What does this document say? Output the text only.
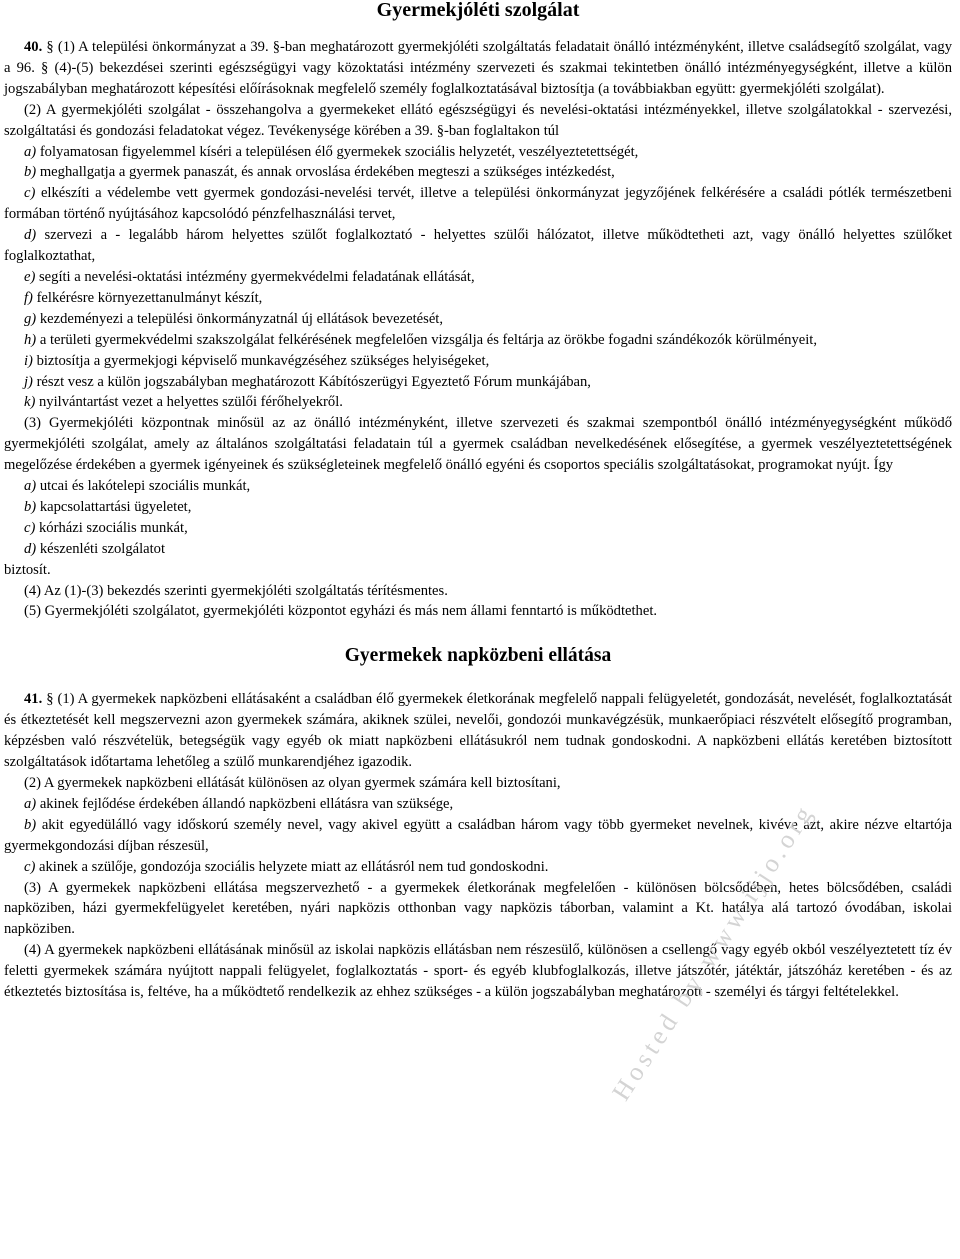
Gyermekjóléti szolgálat

40. § (1) A települési önkormányzat a 39. §-ban meghatározott gyermekjóléti szolgáltatás feladatait önálló intézményként, illetve családsegítő szolgálat, vagy a 96. § (4)-(5) bekezdései szerinti egészségügyi vagy közoktatási intézmény szervezeti és szakmai tekintetben önálló intézményegységként, illetve a külön jogszabályban meghatározott képesítési előírásoknak megfelelő személy foglalkoztatásával biztosítja (a továbbiakban együtt: gyermekjóléti szolgálat).

(2) A gyermekjóléti szolgálat - összehangolva a gyermekeket ellátó egészségügyi és nevelési-oktatási intézményekkel, illetve szolgálatokkal - szervezési, szolgáltatási és gondozási feladatokat végez. Tevékenysége körében a 39. §-ban foglaltakon túl

a) folyamatosan figyelemmel kíséri a településen élő gyermekek szociális helyzetét, veszélyeztetettségét,

b) meghallgatja a gyermek panaszát, és annak orvoslása érdekében megteszi a szükséges intézkedést,

c) elkészíti a védelembe vett gyermek gondozási-nevelési tervét, illetve a települési önkormányzat jegyzőjének felkérésére a családi pótlék természetbeni formában történő nyújtásához kapcsolódó pénzfelhasználási tervet,

d) szervezi a - legalább három helyettes szülőt foglalkoztató - helyettes szülői hálózatot, illetve működtetheti azt, vagy önálló helyettes szülőket foglalkoztathat,

e) segíti a nevelési-oktatási intézmény gyermekvédelmi feladatának ellátását,

f) felkérésre környezettanulmányt készít,

g) kezdeményezi a települési önkormányzatnál új ellátások bevezetését,

h) a területi gyermekvédelmi szakszolgálat felkérésének megfelelően vizsgálja és feltárja az örökbe fogadni szándékozók körülményeit,

i) biztosítja a gyermekjogi képviselő munkavégzéséhez szükséges helyiségeket,

j) részt vesz a külön jogszabályban meghatározott Kábítószerügyi Egyeztető Fórum munkájában,

k) nyilvántartást vezet a helyettes szülői férőhelyekről.

(3) Gyermekjóléti központnak minősül az az önálló intézményként, illetve szervezeti és szakmai szempontból önálló intézményegységként működő gyermekjóléti szolgálat, amely az általános szolgáltatási feladatain túl a gyermek családban nevelkedésének elősegítése, a gyermek veszélyeztetettségének megelőzése érdekében a gyermek igényeinek és szükségleteinek megfelelő önálló egyéni és csoportos speciális szolgáltatásokat, programokat nyújt. Így

a) utcai és lakótelepi szociális munkát,

b) kapcsolattartási ügyeletet,

c) kórházi szociális munkát,

d) készenléti szolgálatot

biztosít.

(4) Az (1)-(3) bekezdés szerinti gyermekjóléti szolgáltatás térítésmentes.

(5) Gyermekjóléti szolgálatot, gyermekjóléti központot egyházi és más nem állami fenntartó is működtethet.

Gyermekek napközbeni ellátása

41. § (1) A gyermekek napközbeni ellátásaként a családban élő gyermekek életkorának megfelelő nappali felügyeletét, gondozását, nevelését, foglalkoztatását és étkeztetését kell megszervezni azon gyermekek számára, akiknek szülei, nevelői, gondozói munkavégzésük, munkaerőpiaci részvételt elősegítő programban, képzésben való részvételük, betegségük vagy egyéb ok miatt napközbeni ellátásukról nem tudnak gondoskodni. A napközbeni ellátás keretében biztosított szolgáltatások időtartama lehetőleg a szülő munkarendjéhez igazodik.

(2) A gyermekek napközbeni ellátását különösen az olyan gyermek számára kell biztosítani,

a) akinek fejlődése érdekében állandó napközbeni ellátásra van szüksége,

b) akit egyedülálló vagy időskorú személy nevel, vagy akivel együtt a családban három vagy több gyermeket nevelnek, kivéve azt, akire nézve eltartója gyermekgondozási díjban részesül,

c) akinek a szülője, gondozója szociális helyzete miatt az ellátásról nem tud gondoskodni.

(3) A gyermekek napközbeni ellátása megszervezhető - a gyermekek életkorának megfelelően - különösen bölcsődében, hetes bölcsődében, családi napköziben, házi gyermekfelügyelet keretében, nyári napközis otthonban vagy napközis táborban, valamint a Kt. hatálya alá tartozó óvodában, iskolai napköziben.

(4) A gyermekek napközbeni ellátásának minősül az iskolai napközis ellátásban nem részesülő, különösen a csellengő vagy egyéb okból veszélyeztetett tíz év feletti gyermekek számára nyújtott nappali felügyelet, foglalkoztatás - sport- és egyéb klubfoglalkozás, illetve játszótér, játéktár, játszóház keretében - és az étkeztetés biztosítása is, feltéve, ha a működtető rendelkezik az ehhez szükséges - a külön jogszabályban meghatározott - személyi és tárgyi feltételekkel.

Hosted by www.ijjo.org
